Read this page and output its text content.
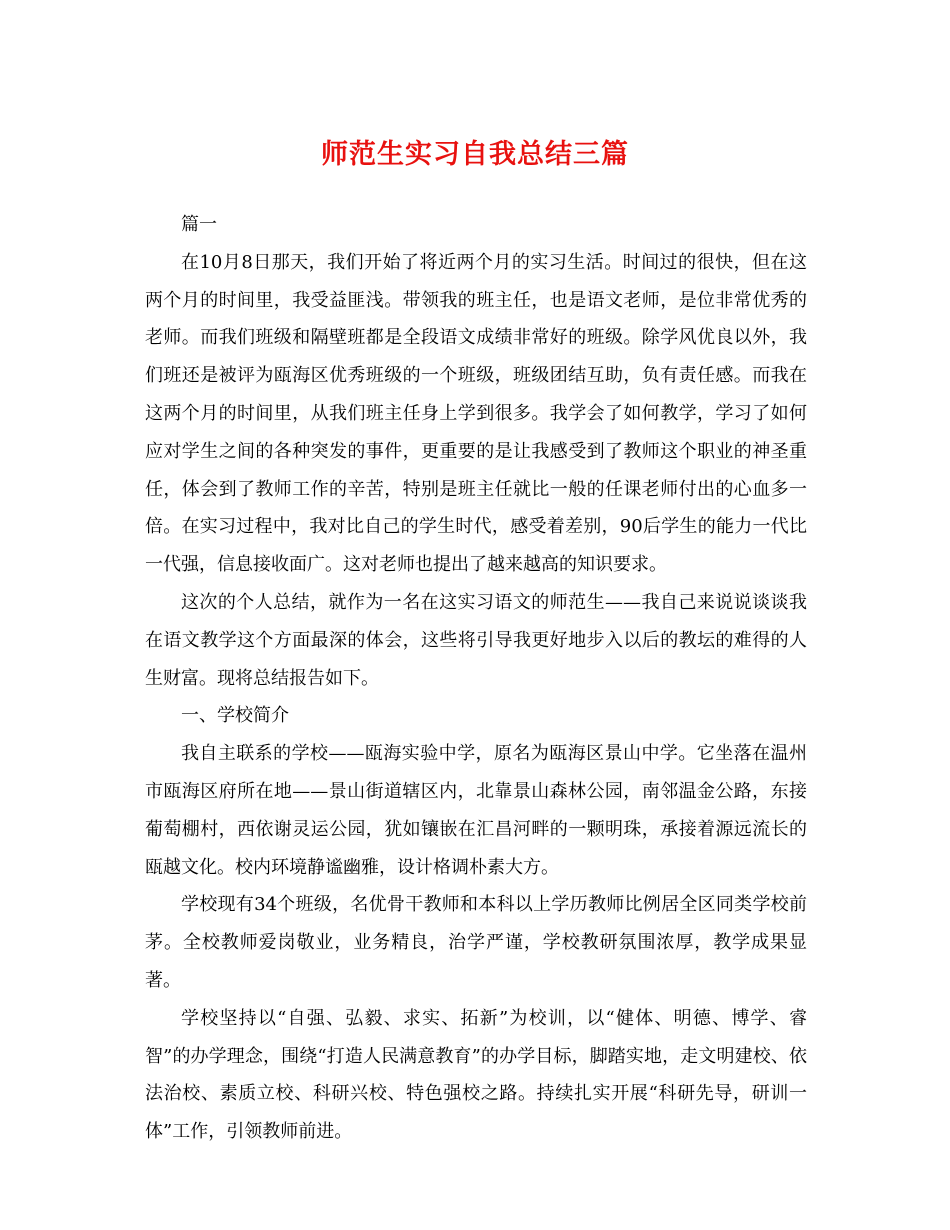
师范生实习自我总结三篇

篇一

在10月8日那天，我们开始了将近两个月的实习生活。时间过的很快，但在这两个月的时间里，我受益匪浅。带领我的班主任，也是语文老师，是位非常优秀的老师。而我们班级和隔壁班都是全段语文成绩非常好的班级。除学风优良以外，我们班还是被评为瓯海区优秀班级的一个班级，班级团结互助，负有责任感。而我在这两个月的时间里，从我们班主任身上学到很多。我学会了如何教学，学习了如何应对学生之间的各种突发的事件，更重要的是让我感受到了教师这个职业的神圣重任，体会到了教师工作的辛苦，特别是班主任就比一般的任课老师付出的心血多一倍。在实习过程中，我对比自己的学生时代，感受着差别，90后学生的能力一代比一代强，信息接收面广。这对老师也提出了越来越高的知识要求。

这次的个人总结，就作为一名在这实习语文的师范生——我自己来说说谈谈我在语文教学这个方面最深的体会，这些将引导我更好地步入以后的教坛的难得的人生财富。现将总结报告如下。

一、学校简介

我自主联系的学校——瓯海实验中学，原名为瓯海区景山中学。它坐落在温州市瓯海区府所在地——景山街道辖区内，北靠景山森林公园，南邻温金公路，东接葡萄棚村，西依谢灵运公园，犹如镶嵌在汇昌河畔的一颗明珠，承接着源远流长的瓯越文化。校内环境静谧幽雅，设计格调朴素大方。

学校现有34个班级，名优骨干教师和本科以上学历教师比例居全区同类学校前茅。全校教师爱岗敬业，业务精良，治学严谨，学校教研氛围浓厚，教学成果显著。

学校坚持以“自强、弘毅、求实、拓新”为校训，以“健体、明德、博学、睿智”的办学理念，围绕“打造人民满意教育”的办学目标，脚踏实地，走文明建校、依法治校、素质立校、科研兴校、特色强校之路。持续扎实开展“科研先导，研训一体”工作，引领教师前进。
